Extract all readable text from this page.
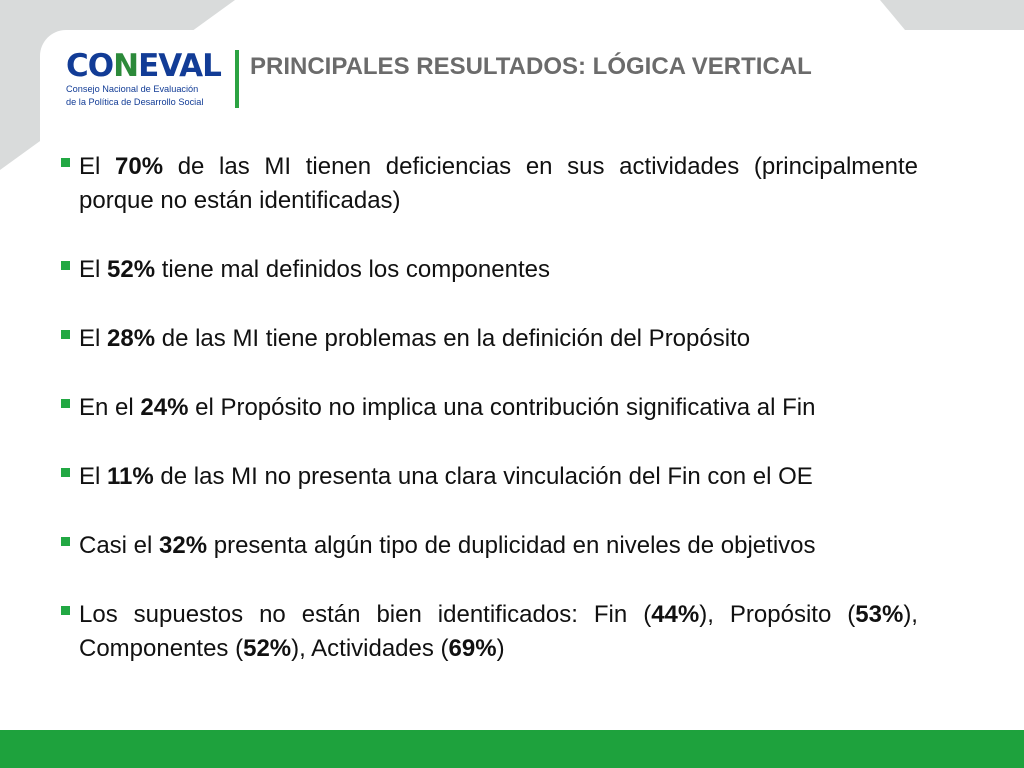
CONEVAL
Consejo Nacional de Evaluación
de la Política de Desarrollo Social
PRINCIPALES RESULTADOS: LÓGICA VERTICAL
El 70% de las MI tienen deficiencias en sus actividades (principalmente porque no están identificadas)
El 52% tiene mal definidos los componentes
El 28% de las MI tiene problemas en la definición del Propósito
En el 24% el Propósito no implica una contribución significativa al Fin
El 11% de las MI no presenta una clara vinculación del Fin con el OE
Casi el 32% presenta algún tipo de duplicidad en niveles de objetivos
Los supuestos no están bien identificados: Fin (44%), Propósito (53%), Componentes (52%), Actividades (69%)
